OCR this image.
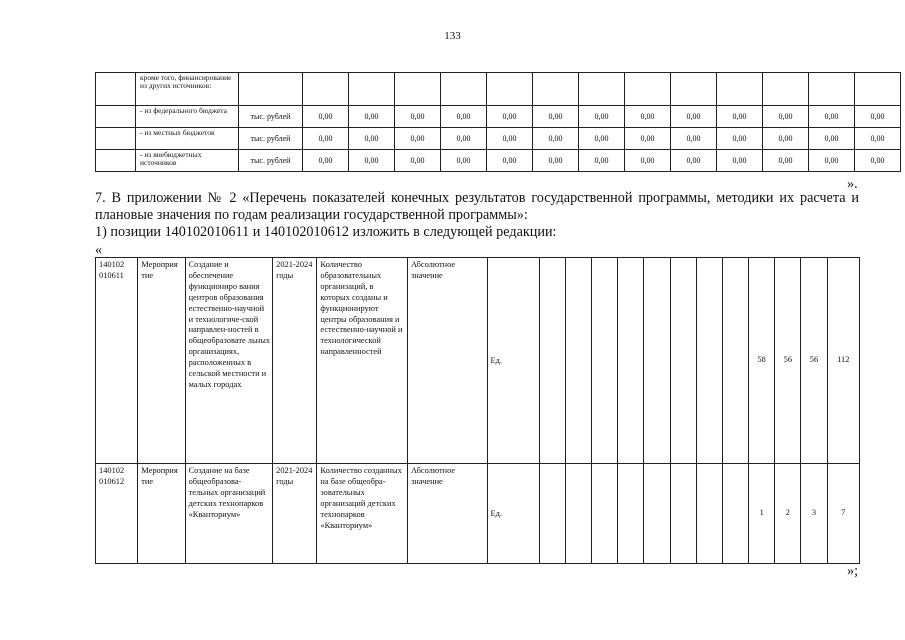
133
	кроме того, финансирование из других источников:														
	- из федерального бюджета	тыс. рублей	0,00	0,00	0,00	0,00	0,00	0,00	0,00	0,00	0,00	0,00	0,00	0,00	0,00
	- из местных бюджетов	тыс. рублей	0,00	0,00	0,00	0,00	0,00	0,00	0,00	0,00	0,00	0,00	0,00	0,00	0,00
	- из внебюджетных источников	тыс. рублей	0,00	0,00	0,00	0,00	0,00	0,00	0,00	0,00	0,00	0,00	0,00	0,00	0,00
».
7. В приложении № 2 «Перечень показателей конечных результатов государственной программы, методики их расчета и плановые значения по годам реализации государственной программы»:
1) позиции 140102010611 и 140102010612 изложить в следующей редакции:
«
140102 010611	Мероприя тие	Создание и обеспечение функциониро вания центров образования естественно-научной и технологиче-ской направлен-ностей в общеобразовате льных организациях, расположенных в сельской местности и малых городах	2021-2024 годы	Количество образовательных организаций, в которых созданы и функционируют центры образования и естественно-научной и технологической направленностей	Абсолютное значение	Ед.									58	56	56	112
140102 010612	Мероприя тие	Создание на базе общеобразова-тельных организаций детских технопарков «Кванториум»	2021-2024 годы	Количество созданных на базе общеобра-зовательных организаций детских технопарков «Кванториум»	Абсолютное значение	Ед.									1	2	3	7
»;
